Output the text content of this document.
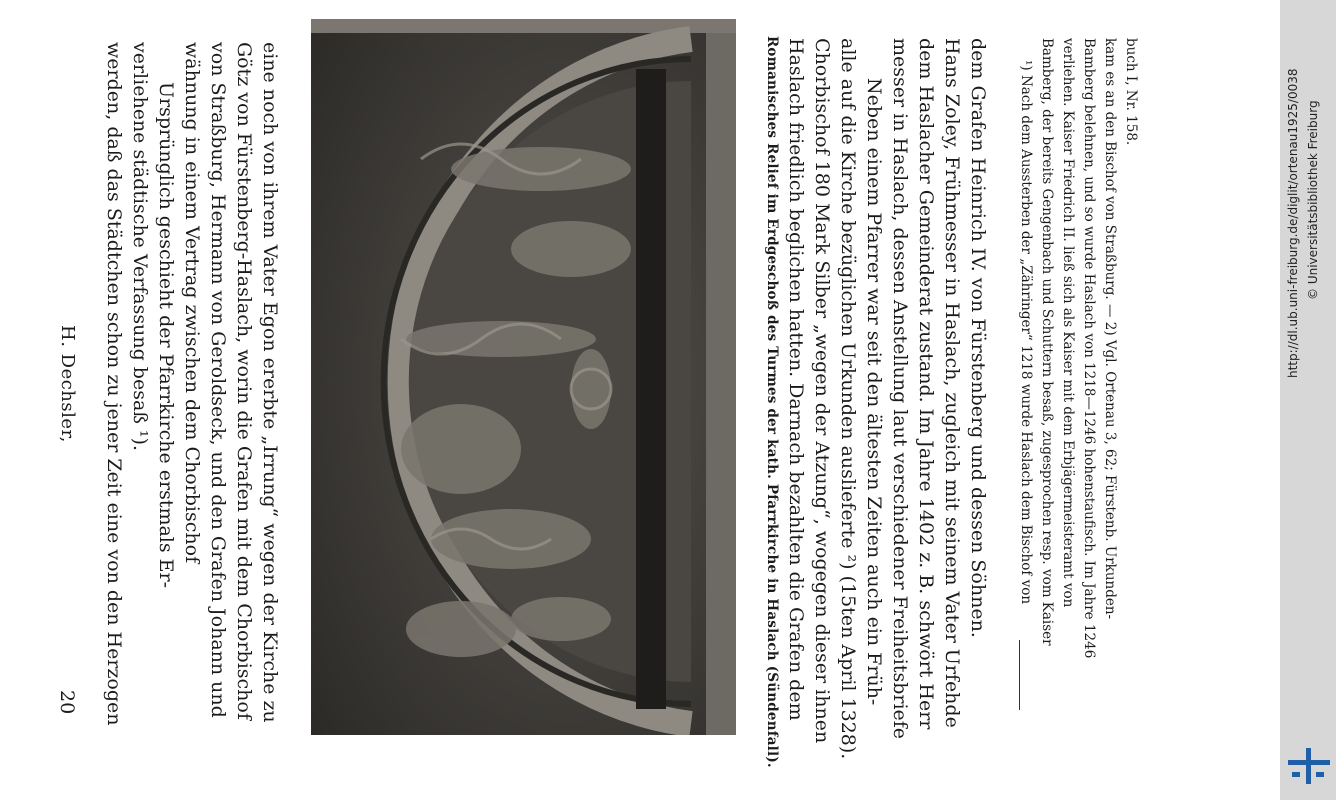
20
H. Dechsler, werden, daß das Städtchen schon zu jener Zeit eine von den Herzogen verliehene städtische Verfassung besaß ¹). Ursprünglich geschieht der Pfarrkirche erstmals Er- wähnung in einem Vertrag zwischen dem Chorbischof von Straßburg, Hermann von Geroldseck, und den Grafen Johann und Götz von Fürstenberg-Haslach, worin die Grafen mit dem Chorbischof eine noch von ihrem Vater Egon ererbte „Irrung“ wegen der Kirche zu	Romanisches Relief im Erdgeschoß des Turmes der kath. Pfarrkirche in Haslach (Sündenfall). Haslach friedlich beglichen hatten. Darnach bezahlten die Grafen dem Chorbischof 180 Mark Silber „wegen der Atzung“, wogegen dieser ihnen alle auf die Kirche bezüglichen Urkunden auslieferte ²) (15ten April 1328). Neben einem Pfarrer war seit den ältesten Zeiten auch ein Früh- messer in Haslach, dessen Anstellung laut verschiedener Freiheitsbriefe dem Haslacher Gemeinderat zustand. Im Jahre 1402 z. B. schwört Herr Hans Zoley, Frühmesser in Haslach, zugleich mit seinem Vater Urfehde dem Grafen Heinrich IV. von Fürstenberg und dessen Söhnen. ¹) Nach dem Aussterben der „Zähringer“ 1218 wurde Haslach dem Bischof von Bamberg, der bereits Gengenbach und Schuttern besaß, zugesprochen resp. vom Kaiser verliehen. Kaiser Friedrich II. ließ sich als Kaiser mit dem Erbjägermeisteramt von Bamberg belehnen, und so wurde Haslach von 1218—1246 hohenstaufisch. Im Jahre 1246 kam es an den Bischof von Straßburg. — 2) Vgl. Ortenau 3, 62; Fürstenb. Urkunden- buch I, Nr. 158.	http://dl.ub.uni-freiburg.de/diglit/ortenau1925/0038 © Universitätsbibliothek Freiburg
